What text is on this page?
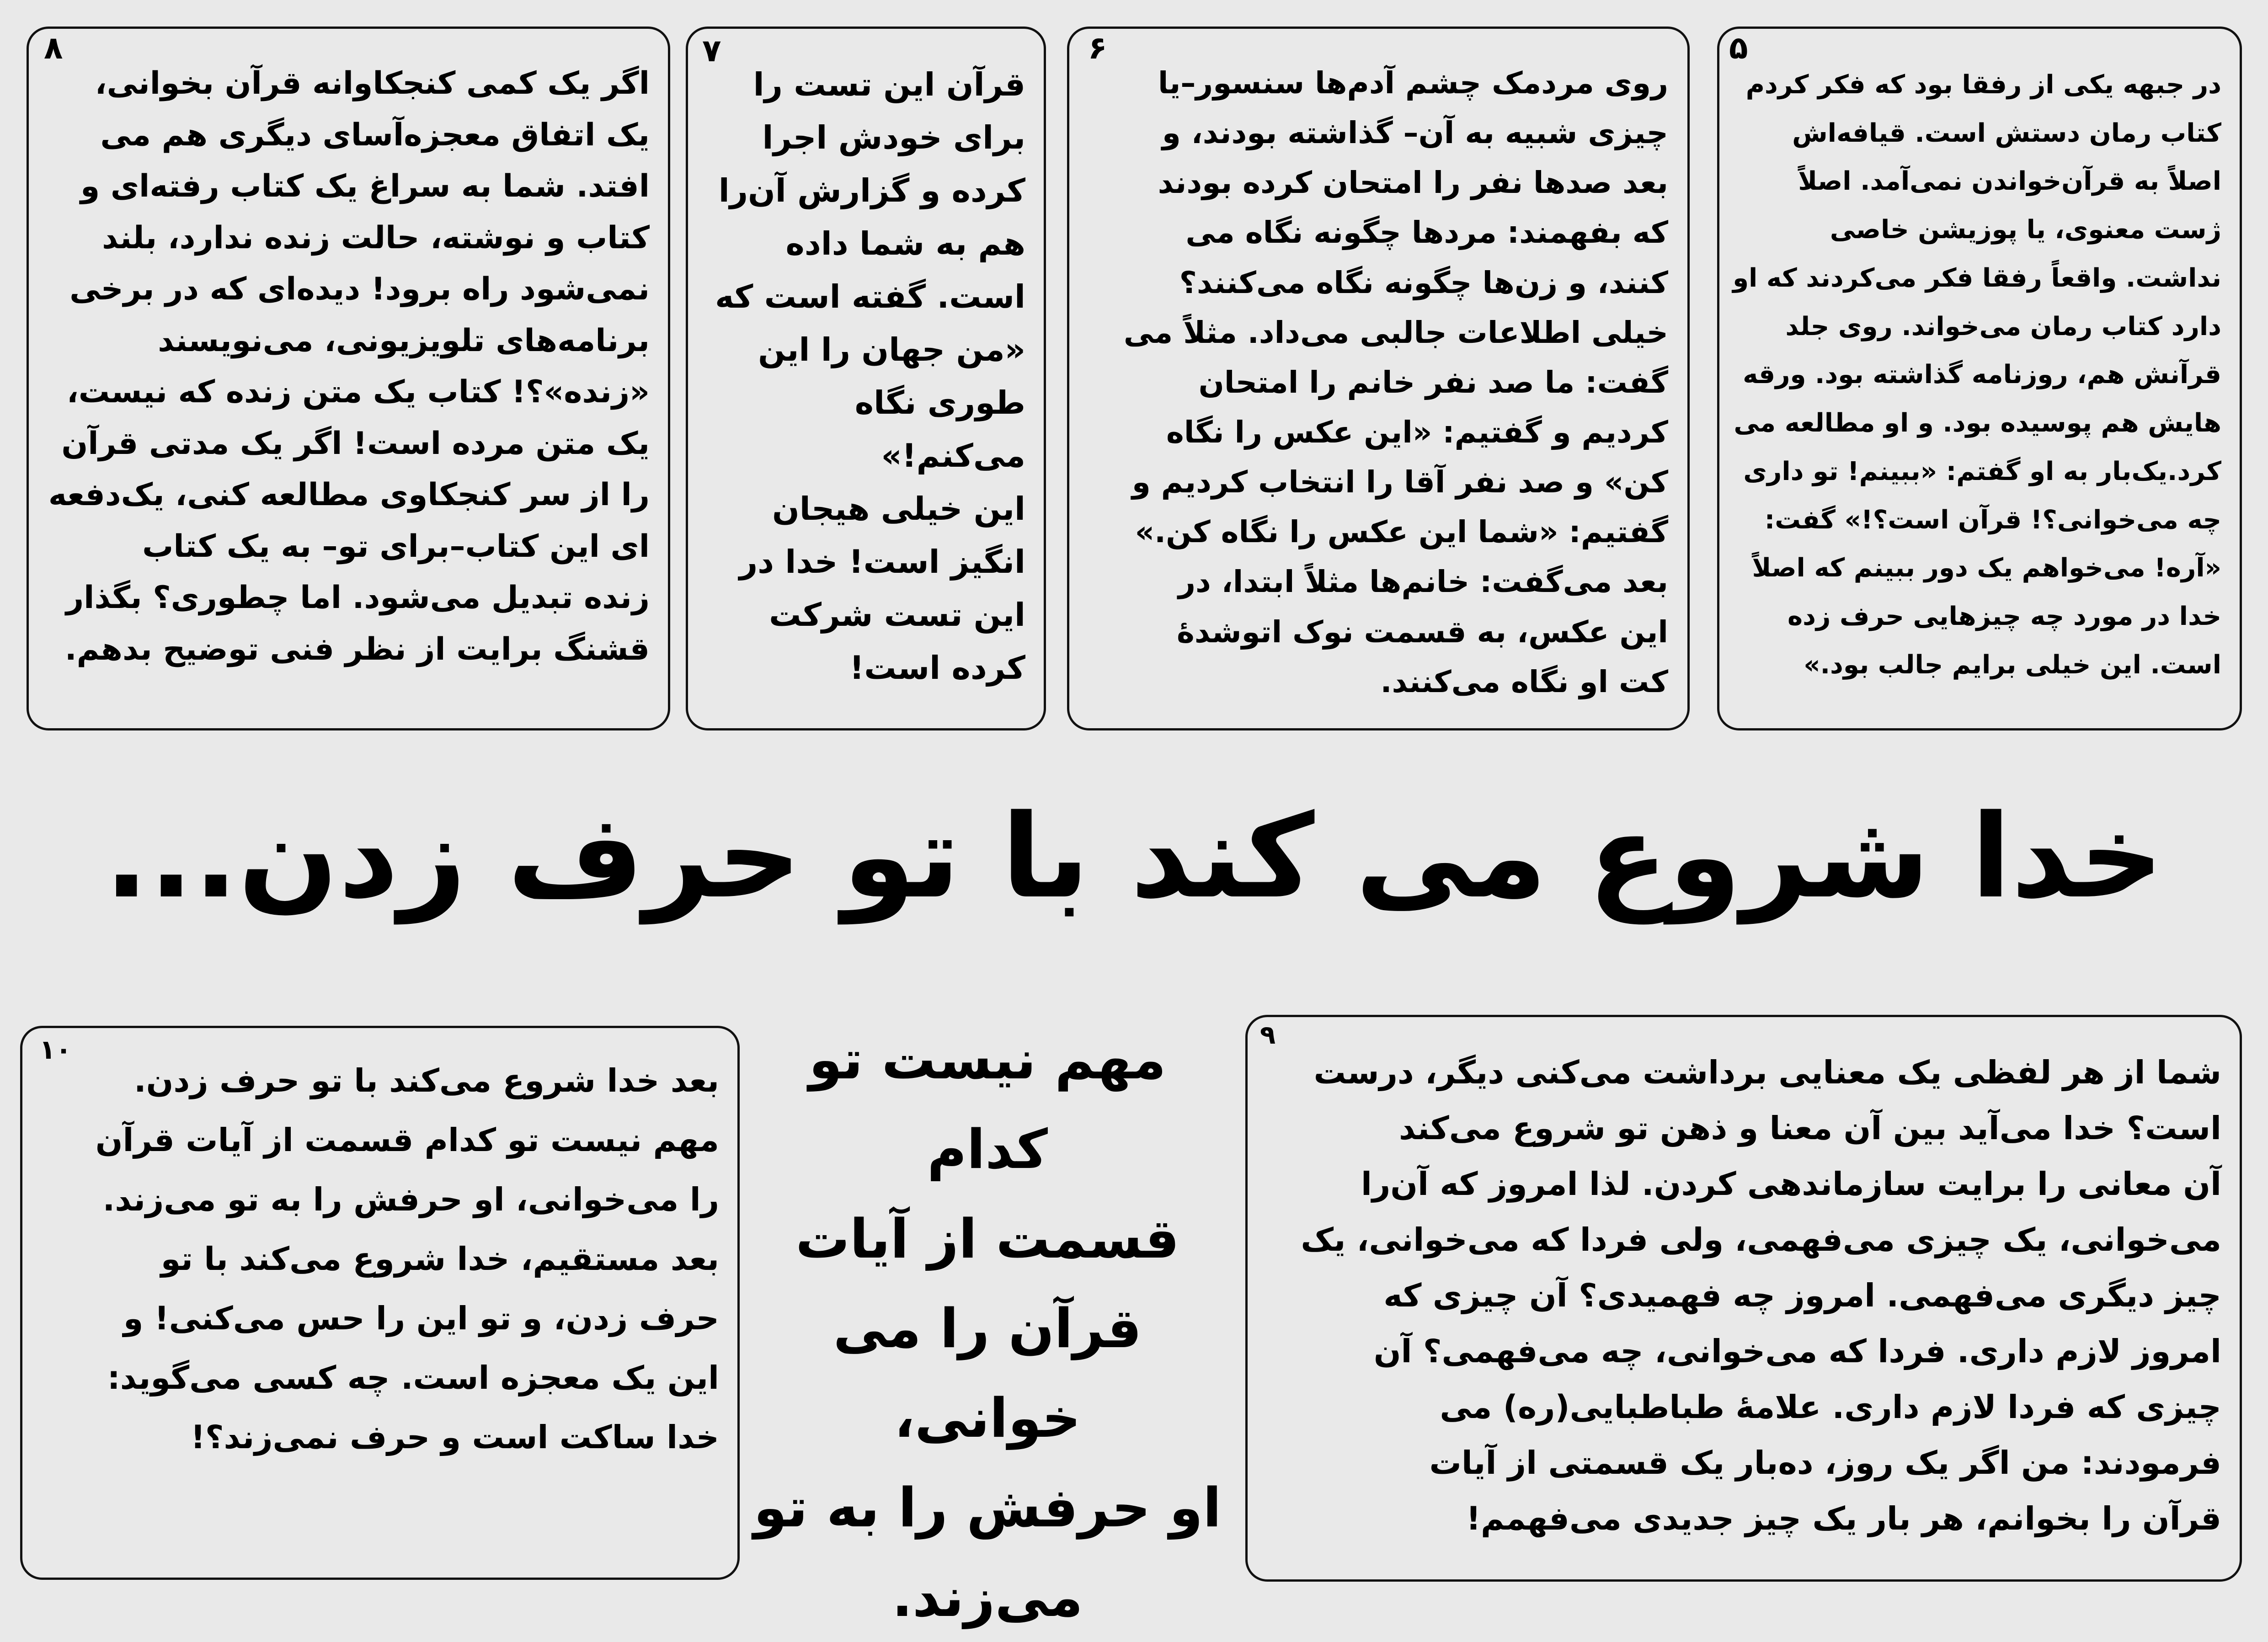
در جبهه یکی از رفقا بود که فکر کردم
کتاب رمان دستش است. قیافه‌اش
اصلاً به قرآن‌خواندن نمی‌آمد. اصلاً
ژست معنوی، یا پوزیشن خاصی
نداشت. واقعاً رفقا فکر می‌کردند که او
دارد کتاب رمان می‌خواند. روی جلد
قرآنش هم، روزنامه گذاشته بود. ورقه
هایش هم پوسیده بود. و او مطالعه می
کرد.یک‌بار به او گفتم: «ببینم! تو داری
چه می‌خوانی؟! قرآن است؟!» گفت:
«آره! می‌خواهم یک دور ببینم که اصلاً
خدا در مورد چه چیزهایی حرف زده
است. این خیلی برایم جالب بود.»
۵
روی مردمک چشم آدم‌ها سنسور–یا
چیزی شبیه به آن– گذاشته بودند، و
بعد صدها نفر را امتحان کرده بودند
که بفهمند: مردها چگونه نگاه می
کنند، و زن‌ها چگونه نگاه می‌کنند؟
خیلی اطلاعات جالبی می‌داد. مثلاً می
گفت: ما صد نفر خانم را امتحان
کردیم و گفتیم: «این عکس را نگاه
کن» و صد نفر آقا را انتخاب کردیم و
گفتیم: «شما این عکس را نگاه کن.»
بعد می‌گفت: خانم‌ها مثلاً ابتدا، در
این عکس، به قسمت نوک اتوشدهٔ
کت او نگاه می‌کنند.
۶
قرآن این تست را
برای خودش اجرا
کرده و گزارش آن‌را
هم به شما داده
است. گفته است که
«من جهان را این
طوری نگاه می‌کنم!»
این خیلی هیجان
انگیز است! خدا در
این تست شرکت
کرده است!
۷
اگر یک کمی کنجکاوانه قرآن بخوانی،
یک اتفاق معجزه‌آسای دیگری هم می
افتد. شما به سراغ یک کتاب رفته‌ای و
کتاب و نوشته، حالت زنده ندارد، بلند
نمی‌شود راه برود! دیده‌ای که در برخی
برنامه‌های تلویزیونی، می‌نویسند
«زنده»؟! کتاب یک متن زنده که نیست،
یک متن مرده است! اگر یک مدتی قرآن
را از سر کنجکاوی مطالعه کنی، یک‌دفعه
ای این کتاب–برای تو– به یک کتاب
زنده تبدیل می‌شود. اما چطوری؟ بگذار
قشنگ برایت از نظر فنی توضیح بدهم.
۸
خدا شروع می کند با تو حرف زدن...
شما از هر لفظی یک معنایی برداشت می‌کنی دیگر، درست
است؟ خدا می‌آید بین آن معنا و ذهن تو شروع می‌کند
آن معانی را برایت سازماندهی کردن. لذا امروز که آن‌را
می‌خوانی، یک چیزی می‌فهمی، ولی فردا که می‌خوانی، یک
چیز دیگری می‌فهمی. امروز چه فهمیدی؟ آن چیزی که
امروز لازم داری. فردا که می‌خوانی، چه می‌فهمی؟ آن
چیزی که فردا لازم داری. علامهٔ طباطبایی(ره) می
فرمودند: من اگر یک روز، ده‌بار یک قسمتی از آیات
قرآن را بخوانم، هر بار یک چیز جدیدی می‌فهمم!
۹
مهم نیست تو کدام
قسمت از آیات
قرآن را می خوانی،
او حرفش را به تو
می‌زند.
بعد خدا شروع می‌کند با تو حرف زدن.
مهم نیست تو کدام قسمت از آیات قرآن
را می‌خوانی، او حرفش را به تو می‌زند.
بعد مستقیم، خدا شروع می‌کند با تو
حرف زدن، و تو این را حس می‌کنی! و
این یک معجزه است. چه کسی می‌گوید:
خدا ساکت است و حرف نمی‌زند؟!
۱۰
